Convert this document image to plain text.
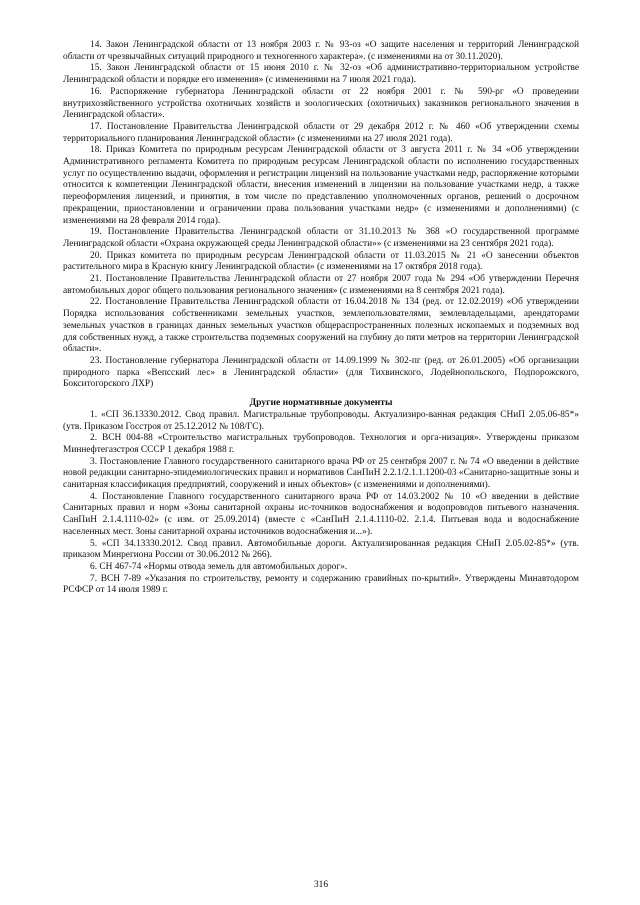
14. Закон Ленинградской области от 13 ноября 2003 г. № 93-оз «О защите населения и территорий Ленинградской области от чрезвычайных ситуаций природного и техногенного характера». (с изменениями на от 30.11.2020).

15. Закон Ленинградской области от 15 июня 2010 г. № 32-оз «Об административно-территориальном устройстве Ленинградской области и порядке его изменения» (с изменениями на 7 июля 2021 года).

16. Распоряжение губернатора Ленинградской области от 22 ноября 2001 г. № 590-рг «О проведении внутрихозяйственного устройства охотничьих хозяйств и зоологических (охотничьих) заказников регионального значения в Ленинградской области».

17. Постановление Правительства Ленинградской области от 29 декабря 2012 г. № 460 «Об утверждении схемы территориального планирования Ленинградской области» (с изменениями на 27 июля 2021 года).

18. Приказ Комитета по природным ресурсам Ленинградской области от 3 августа 2011 г. № 34 «Об утверждении Административного регламента Комитета по природным ресурсам Ленинградской области по исполнению государственных услуг по осуществлению выдачи, оформления и регистрации лицензий на пользование участками недр, распоряжение которыми относится к компетенции Ленинградской области, внесения изменений в лицензии на пользование участками недр, а также переоформления лицензий, и принятия, в том числе по представлению уполномоченных органов, решений о досрочном прекращении, приостановлении и ограничении права пользования участками недр» (с изменениями и дополнениями) (с изменениями на 28 февраля 2014 года).

19. Постановление Правительства Ленинградской области от 31.10.2013 № 368 «О государственной программе Ленинградской области «Охрана окружающей среды Ленинградской области»» (с изменениями на 23 сентября 2021 года).

20. Приказ комитета по природным ресурсам Ленинградской области от 11.03.2015 № 21 «О занесении объектов растительного мира в Красную книгу Ленинградской области» (с изменениями на 17 октября 2018 года).

21. Постановление Правительства Ленинградской области от 27 ноября 2007 года № 294 «Об утверждении Перечня автомобильных дорог общего пользования регионального значения» (с изменениями на 8 сентября 2021 года).

22. Постановление Правительства Ленинградской области от 16.04.2018 № 134 (ред. от 12.02.2019) «Об утверждении Порядка использования собственниками земельных участков, землепользователями, землевладельцами, арендаторами земельных участков в границах данных земельных участков общераспространенных полезных ископаемых и подземных вод для собственных нужд, а также строительства подземных сооружений на глубину до пяти метров на территории Ленинградской области».

23. Постановление губернатора Ленинградской области от 14.09.1999 № 302-пг (ред. от 26.01.2005) «Об организации природного парка «Вепсский лес» в Ленинградской области» (для Тихвинского, Лодейнопольского, Подпорожского, Бокситогорского ЛХР)

Другие нормативные документы

1. «СП 36.13330.2012. Свод правил. Магистральные трубопроводы. Актуализиро-ванная редакция СНиП 2.05.06-85*» (утв. Приказом Госстроя от 25.12.2012 № 108/ГС).

2. ВСН 004-88 «Строительство магистральных трубопроводов. Технология и орга-низация». Утверждены приказом Миннефтегазстроя СССР 1 декабря 1988 г.

3. Постановление Главного государственного санитарного врача РФ от 25 сентября 2007 г. № 74 «О введении в действие новой редакции санитарно-эпидемиологических правил и нормативов СанПиН 2.2.1/2.1.1.1200-03 «Санитарно-защитные зоны и санитарная классификация предприятий, сооружений и иных объектов» (с изменениями и дополнениями).

4. Постановление Главного государственного санитарного врача РФ от 14.03.2002 № 10 «О введении в действие Санитарных правил и норм «Зоны санитарной охраны ис-точников водоснабжения и водопроводов питьевого назначения. СанПиН 2.1.4.1110-02» (с изм. от 25.09.2014) (вместе с «СанПиН 2.1.4.1110-02. 2.1.4. Питьевая вода и водоснабжение населенных мест. Зоны санитарной охраны источников водоснабжения и...»).

5. «СП 34.13330.2012. Свод правил. Автомобильные дороги. Актуализированная редакция СНиП 2.05.02-85*» (утв. приказом Минрегиона России от 30.06.2012 № 266).

6. СН 467-74 «Нормы отвода земель для автомобильных дорог».

7. ВСН 7-89 «Указания по строительству, ремонту и содержанию гравийных по-крытий». Утверждены Минавтодором РСФСР от 14 июля 1989 г.

316
